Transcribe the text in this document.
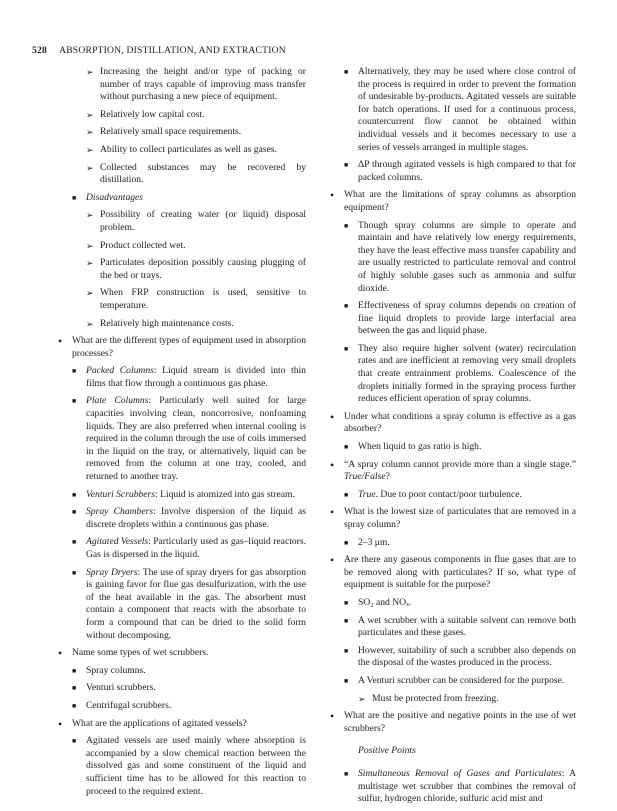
528 ABSORPTION, DISTILLATION, AND EXTRACTION
➢ Increasing the height and/or type of packing or number of trays capable of improving mass transfer without purchasing a new piece of equipment.
➢ Relatively low capital cost.
➢ Relatively small space requirements.
➢ Ability to collect particulates as well as gases.
➢ Collected substances may be recovered by distillation.
■ Disadvantages
➢ Possibility of creating water (or liquid) disposal problem.
➢ Product collected wet.
➢ Particulates deposition possibly causing plugging of the bed or trays.
➢ When FRP construction is used, sensitive to temperature.
➢ Relatively high maintenance costs.
• What are the different types of equipment used in absorption processes?
■ Packed Columns: Liquid stream is divided into thin films that flow through a continuous gas phase.
■ Plate Columns: Particularly well suited for large capacities involving clean, noncorrosive, nonfoaming liquids. They are also preferred when internal cooling is required in the column through the use of coils immersed in the liquid on the tray, or alternatively, liquid can be removed from the column at one tray, cooled, and returned to another tray.
■ Venturi Scrubbers: Liquid is atomized into gas stream.
■ Spray Chambers: Involve dispersion of the liquid as discrete droplets within a continuous gas phase.
■ Agitated Vessels: Particularly used as gas–liquid reactors. Gas is dispersed in the liquid.
■ Spray Dryers: The use of spray dryers for gas absorption is gaining favor for flue gas desulfurization, with the use of the heat available in the gas. The absorbent must contain a component that reacts with the absorbate to form a compound that can be dried to the solid form without decomposing.
• Name some types of wet scrubbers.
■ Spray columns.
■ Venturi scrubbers.
■ Centrifugal scrubbers.
• What are the applications of agitated vessels?
■ Agitated vessels are used mainly where absorption is accompanied by a slow chemical reaction between the dissolved gas and some constituent of the liquid and sufficient time has to be allowed for this reaction to proceed to the required extent.
■ Alternatively, they may be used where close control of the process is required in order to prevent the formation of undesirable by-products. Agitated vessels are suitable for batch operations. If used for a continuous process, countercurrent flow cannot be obtained within individual vessels and it becomes necessary to use a series of vessels arranged in multiple stages.
■ ΔP through agitated vessels is high compared to that for packed columns.
• What are the limitations of spray columns as absorption equipment?
■ Though spray columns are simple to operate and maintain and have relatively low energy requirements, they have the least effective mass transfer capability and are usually restricted to particulate removal and control of highly soluble gases such as ammonia and sulfur dioxide.
■ Effectiveness of spray columns depends on creation of fine liquid droplets to provide large interfacial area between the gas and liquid phase.
■ They also require higher solvent (water) recirculation rates and are inefficient at removing very small droplets that create entrainment problems. Coalescence of the droplets initially formed in the spraying process further reduces efficient operation of spray columns.
• Under what conditions a spray column is effective as a gas absorber?
■ When liquid to gas ratio is high.
• “A spray column cannot provide more than a single stage.” True/False?
■ True. Due to poor contact/poor turbulence.
• What is the lowest size of particulates that are removed in a spray column?
■ 2–3 μm.
• Are there any gaseous components in flue gases that are to be removed along with particulates? If so, what type of equipment is suitable for the purpose?
■ SO₂ and NOₓ.
■ A wet scrubber with a suitable solvent can remove both particulates and these gases.
■ However, suitability of such a scrubber also depends on the disposal of the wastes produced in the process.
■ A Venturi scrubber can be considered for the purpose.
➢ Must be protected from freezing.
• What are the positive and negative points in the use of wet scrubbers?
Positive Points
■ Simultaneous Removal of Gases and Particulates: A multistage wet scrubber that combines the removal of sulfur, hydrogen chloride, sulfuric acid mist and
